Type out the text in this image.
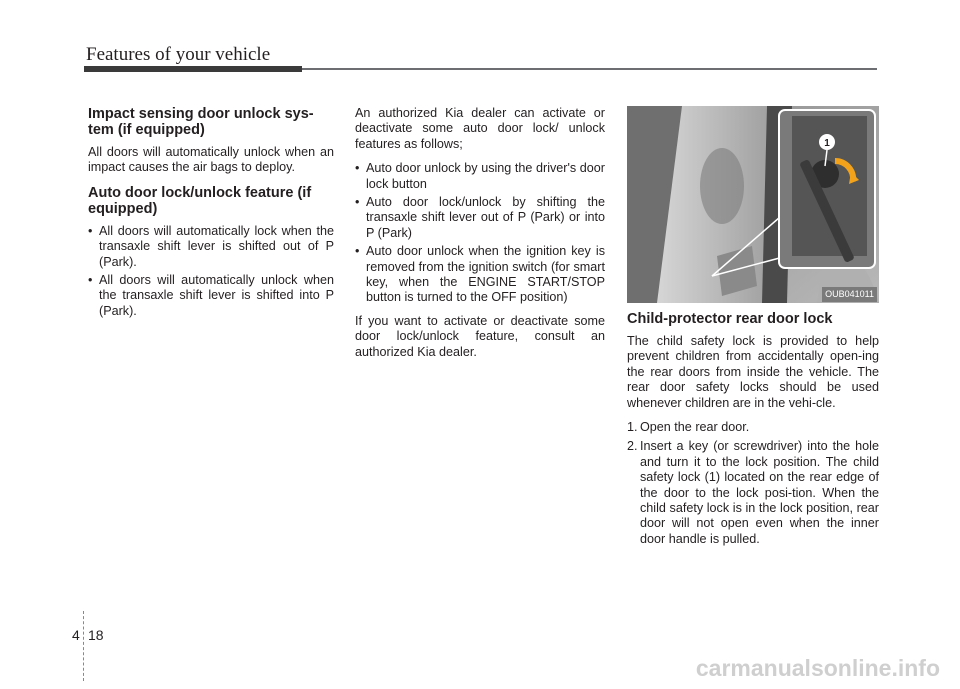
Features of your vehicle
Impact sensing door unlock sys-tem (if equipped)

All doors will automatically unlock when an impact causes the air bags to deploy.

Auto door lock/unlock feature (if equipped)
• All doors will automatically lock when the transaxle shift lever is shifted out of P (Park).
• All doors will automatically unlock when the transaxle shift lever is shifted into P (Park).

An authorized Kia dealer can activate or deactivate some auto door lock/ unlock features as follows;

• Auto door unlock by using the driver's door lock button
• Auto door lock/unlock by shifting the transaxle shift lever out of P (Park) or into P (Park)
• Auto door unlock when the ignition key is removed from the ignition switch (for smart key, when the ENGINE START/STOP button is turned to the OFF position)

If you want to activate or deactivate some door lock/unlock feature, consult an authorized Kia dealer.

1
OUB041011
Child-protector rear door lock

The child safety lock is provided to help prevent children from accidentally open-ing the rear doors from inside the vehicle. The rear door safety locks should be used whenever children are in the vehi-cle.

1. Open the rear door.
2. Insert a key (or screwdriver) into the hole and turn it to the lock position. The child safety lock (1) located on the rear edge of the door to the lock posi-tion. When the child safety lock is in the lock position, rear door will not open even when the inner door handle is pulled.
4 18
carmanualsonline.info
